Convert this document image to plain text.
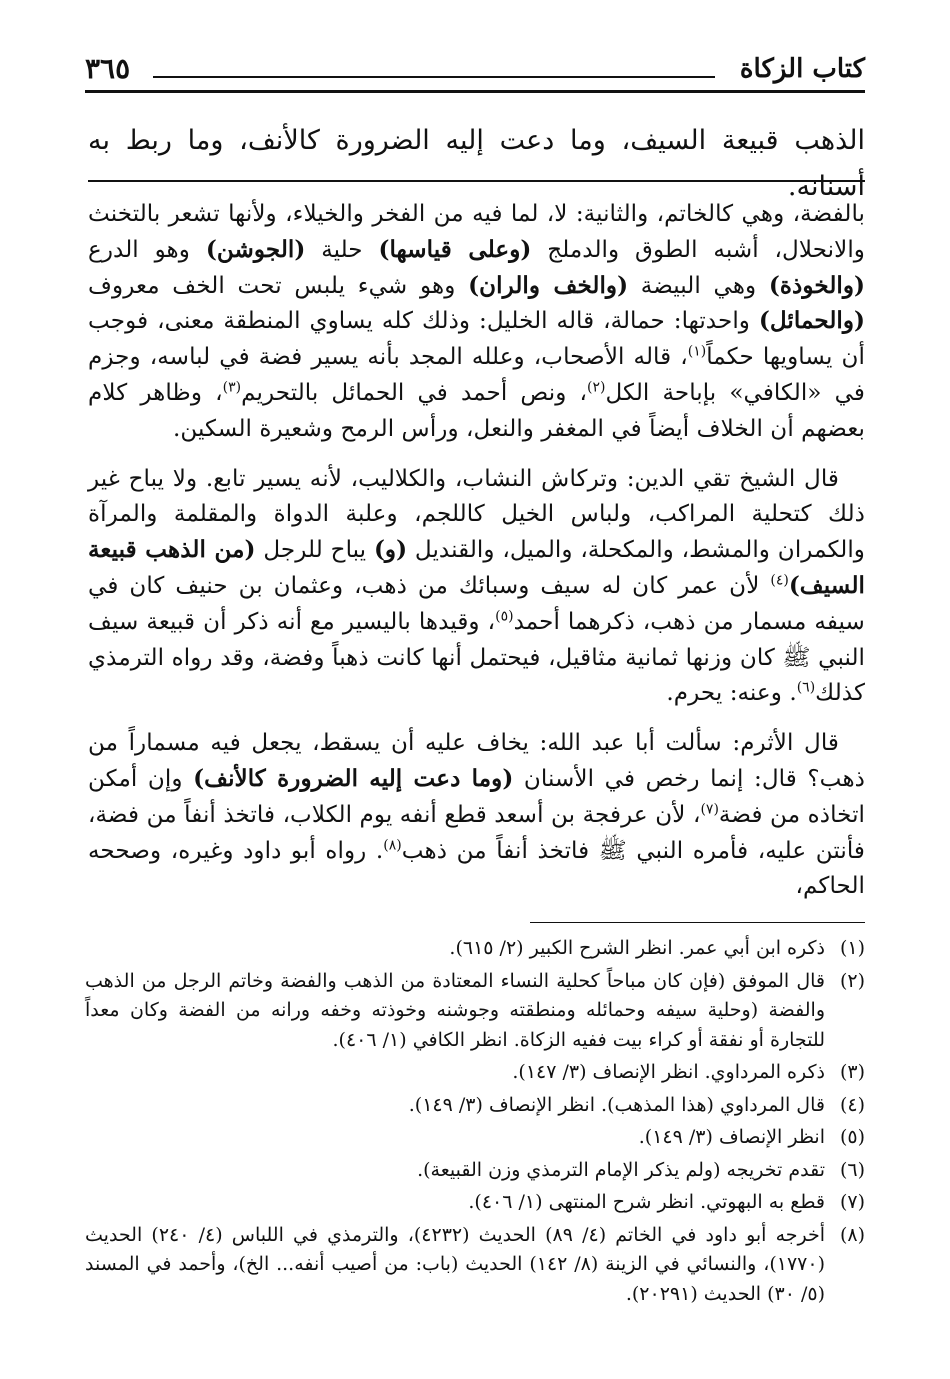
كتاب الزكاة
٣٦٥
الذهب قبيعة السيف، وما دعت إليه الضرورة كالأنف، وما ربط به أسنانه.

بالفضة، وهي كالخاتم، والثانية: لا، لما فيه من الفخر والخيلاء، ولأنها تشعر بالتخنث والانحلال، أشبه الطوق والدملج (وعلى قياسها) حلية (الجوشن) وهو الدرع (والخوذة) وهي البيضة (والخف والران) وهو شيء يلبس تحت الخف معروف (والحمائل) واحدتها: حمالة، قاله الخليل: وذلك كله يساوي المنطقة معنى، فوجب أن يساويها حكماً$^{(١)}$، قاله الأصحاب، وعلله المجد بأنه يسير فضة في لباسه، وجزم في «الكافي» بإباحة الكل$^{(٢)}$، ونص أحمد في الحمائل بالتحريم$^{(٣)}$، وظاهر كلام بعضهم أن الخلاف أيضاً في المغفر والنعل، ورأس الرمح وشعيرة السكين.

قال الشيخ تقي الدين: وتركاش النشاب، والكلاليب، لأنه يسير تابع. ولا يباح غير ذلك كتحلية المراكب، ولباس الخيل كاللجم، وعلبة الدواة والمقلمة والمرآة والكمران والمشط، والمكحلة، والميل، والقنديل (و) يباح للرجل (من الذهب قبيعة السيف)$^{(٤)}$ لأن عمر كان له سيف وسبائك من ذهب، وعثمان بن حنيف كان في سيفه مسمار من ذهب، ذكرهما أحمد$^{(٥)}$، وقيدها باليسير مع أنه ذكر أن قبيعة سيف النبي ﷺ كان وزنها ثمانية مثاقيل، فيحتمل أنها كانت ذهباً وفضة، وقد رواه الترمذي كذلك$^{(٦)}$. وعنه: يحرم.

قال الأثرم: سألت أبا عبد الله: يخاف عليه أن يسقط، يجعل فيه مسماراً من ذهب؟ قال: إنما رخص في الأسنان (وما دعت إليه الضرورة كالأنف) وإن أمكن اتخاذه من فضة$^{(٧)}$، لأن عرفجة بن أسعد قطع أنفه يوم الكلاب، فاتخذ أنفاً من فضة، فأنتن عليه، فأمره النبي ﷺ فاتخذ أنفاً من ذهب$^{(٨)}$. رواه أبو داود وغيره، وصححه الحاكم،

(١)
ذكره ابن أبي عمر. انظر الشرح الكبير (٢/ ٦١٥).
(٢)
قال الموفق (فإن كان مباحاً كحلية النساء المعتادة من الذهب والفضة وخاتم الرجل من الذهب والفضة (وحلية سيفه وحمائله ومنطقته وجوشنه وخوذته وخفه ورانه من الفضة وكان معداً للتجارة أو نفقة أو كراء بيت ففيه الزكاة. انظر الكافي (١/ ٤٠٦).
(٣)
ذكره المرداوي. انظر الإنصاف (٣/ ١٤٧).
(٤)
قال المرداوي (هذا المذهب). انظر الإنصاف (٣/ ١٤٩).
(٥)
انظر الإنصاف (٣/ ١٤٩).
(٦)
تقدم تخريجه (ولم يذكر الإمام الترمذي وزن القبيعة).
(٧)
قطع به البهوتي. انظر شرح المنتهى (١/ ٤٠٦).
(٨)
أخرجه أبو داود في الخاتم (٤/ ٨٩) الحديث (٤٢٣٢)، والترمذي في اللباس (٤/ ٢٤٠) الحديث (١٧٧٠)، والنسائي في الزينة (٨/ ١٤٢) الحديث (باب: من أصيب أنفه... الخ)، وأحمد في المسند (٥/ ٣٠) الحديث (٢٠٢٩١).
